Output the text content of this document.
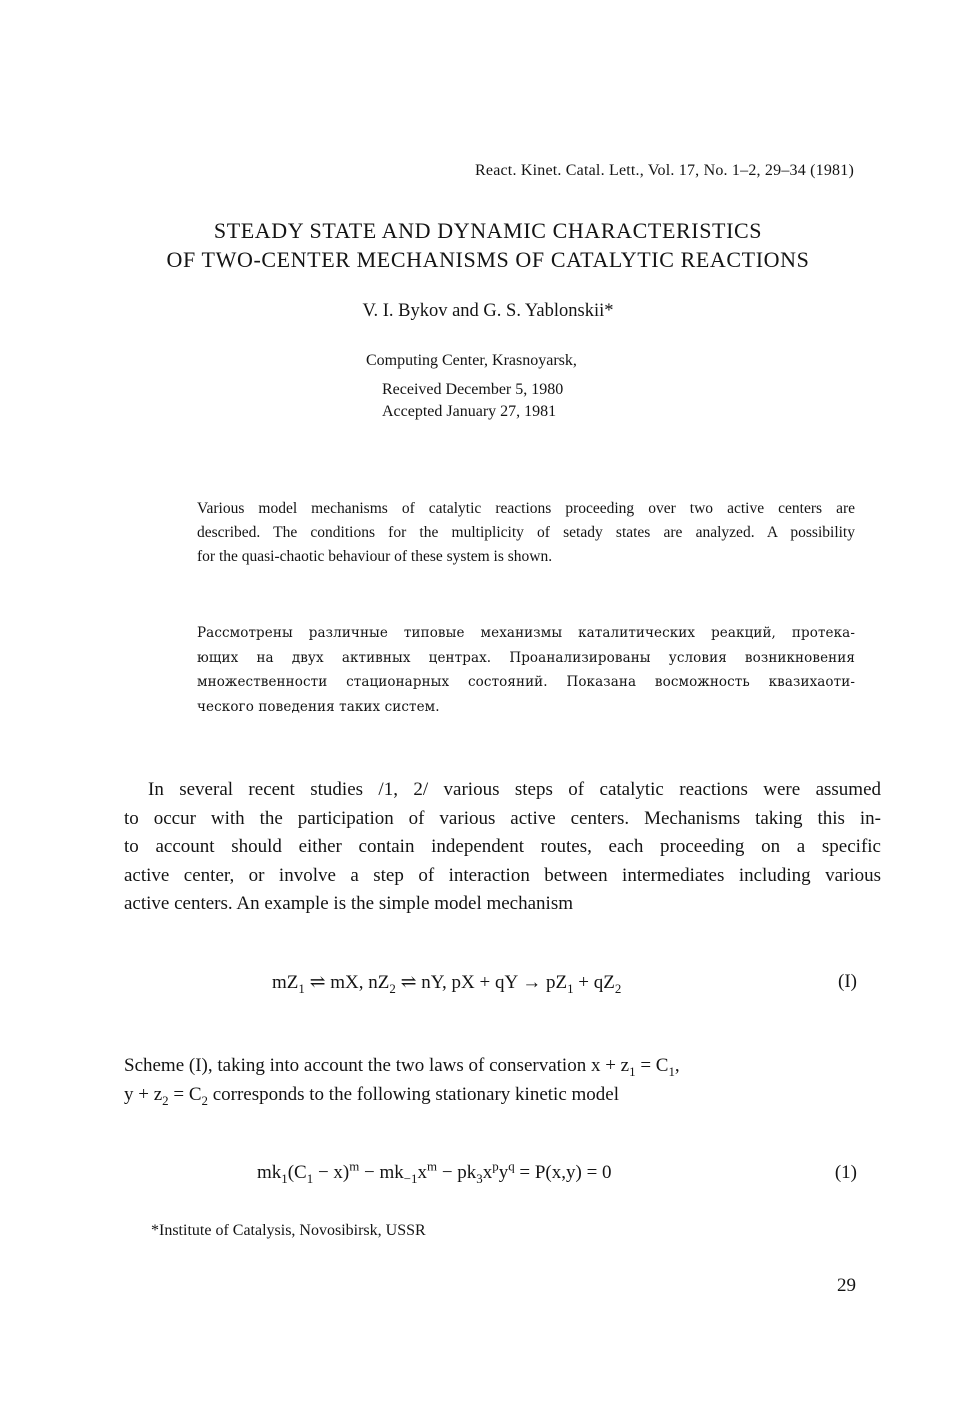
React. Kinet. Catal. Lett., Vol. 17, No. 1–2, 29–34 (1981)
STEADY STATE AND DYNAMIC CHARACTERISTICS
OF TWO-CENTER MECHANISMS OF CATALYTIC REACTIONS
V. I. Bykov and G. S. Yablonskii*
Computing Center, Krasnoyarsk,
Received December 5, 1980
Accepted January 27, 1981
Various model mechanisms of catalytic reactions proceeding over two active centers are
described. The conditions for the multiplicity of setady states are analyzed. A possibility
for the quasi-chaotic behaviour of these system is shown.
Рассмотрены различные типовые механизмы каталитических реакций, протека-
ющих на двух активных центрах. Проанализированы условия возникновения
множественности стационарных состояний. Показана восможность квазихаоти-
ческого поведения таких систем.
In several recent studies /1, 2/ various steps of catalytic reactions were assumed
to occur with the participation of various active centers. Mechanisms taking this in-
to account should either contain independent routes, each proceeding on a specific
active center, or involve a step of interaction between intermediates including various
active centers. An example is the simple model mechanism
$mZ_1$ ⇌ mX, $nZ_2$ ⇌ nY, pX + qY → $pZ_1 + qZ_2$	(I)
Scheme (I), taking into account the two laws of conservation $x + z_1 = C_1$,
$y + z_2 = C_2$ corresponds to the following stationary kinetic model
$mk_1(C_1 - x)^m - mk_{-1}x^m - pk_3x^py^q = P(x,y) = 0$	(1)
*Institute of Catalysis, Novosibirsk, USSR
29
